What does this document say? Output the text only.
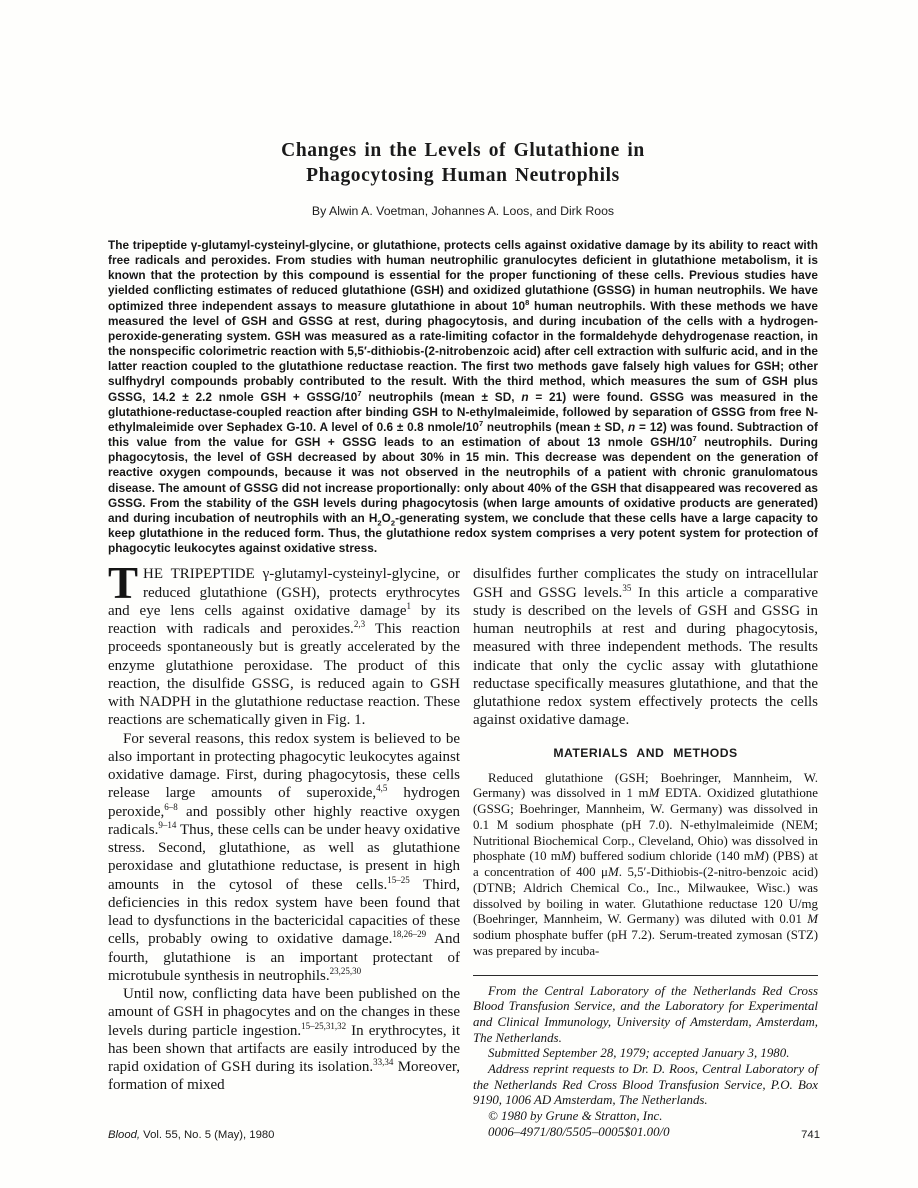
Changes in the Levels of Glutathione in
Phagocytosing Human Neutrophils
By Alwin A. Voetman, Johannes A. Loos, and Dirk Roos

The tripeptide γ-glutamyl-cysteinyl-glycine, or glutathione, protects cells against oxidative damage by its ability to react with free radicals and peroxides. From studies with human neutrophilic granulocytes deficient in glutathione metabolism, it is known that the protection by this compound is essential for the proper functioning of these cells. Previous studies have yielded conflicting estimates of reduced glutathione (GSH) and oxidized glutathione (GSSG) in human neutrophils. We have optimized three independent assays to measure glutathione in about $10^8$ human neutrophils. With these methods we have measured the level of GSH and GSSG at rest, during phagocytosis, and during incubation of the cells with a hydrogen-peroxide-generating system. GSH was measured as a rate-limiting cofactor in the formaldehyde dehydrogenase reaction, in the nonspecific colorimetric reaction with 5,5′-dithiobis-(2-nitrobenzoic acid) after cell extraction with sulfuric acid, and in the latter reaction coupled to the glutathione reductase reaction. The first two methods gave falsely high values for GSH; other sulfhydryl compounds probably contributed to the result. With the third method, which measures the sum of GSH plus GSSG, 14.2 ± 2.2 nmole GSH + GSSG/$10^7$ neutrophils (mean ± SD, n = 21) were found. GSSG was measured in the glutathione-reductase-coupled reaction after binding GSH to N-ethylmaleimide, followed by separation of GSSG from free N-ethylmaleimide over Sephadex G-10. A level of 0.6 ± 0.8 nmole/$10^7$ neutrophils (mean ± SD, n = 12) was found. Subtraction of this value from the value for GSH + GSSG leads to an estimation of about 13 nmole GSH/$10^7$ neutrophils. During phagocytosis, the level of GSH decreased by about 30% in 15 min. This decrease was dependent on the generation of reactive oxygen compounds, because it was not observed in the neutrophils of a patient with chronic granulomatous disease. The amount of GSSG did not increase proportionally: only about 40% of the GSH that disappeared was recovered as GSSG. From the stability of the GSH levels during phagocytosis (when large amounts of oxidative products are generated) and during incubation of neutrophils with an $H_2O_2$-generating system, we conclude that these cells have a large capacity to keep glutathione in the reduced form. Thus, the glutathione redox system comprises a very potent system for protection of phagocytic leukocytes against oxidative stress.

THE TRIPEPTIDE γ-glutamyl-cysteinyl-glycine, or reduced glutathione (GSH), protects erythrocytes and eye lens cells against oxidative damage$^1$ by its reaction with radicals and peroxides.$^{2,3}$ This reaction proceeds spontaneously but is greatly accelerated by the enzyme glutathione peroxidase. The product of this reaction, the disulfide GSSG, is reduced again to GSH with NADPH in the glutathione reductase reaction. These reactions are schematically given in Fig. 1.

For several reasons, this redox system is believed to be also important in protecting phagocytic leukocytes against oxidative damage. First, during phagocytosis, these cells release large amounts of superoxide,$^{4,5}$ hydrogen peroxide,$^{6-8}$ and possibly other highly reactive oxygen radicals.$^{9-14}$ Thus, these cells can be under heavy oxidative stress. Second, glutathione, as well as glutathione peroxidase and glutathione reductase, is present in high amounts in the cytosol of these cells.$^{15-25}$ Third, deficiencies in this redox system have been found that lead to dysfunctions in the bactericidal capacities of these cells, probably owing to oxidative damage.$^{18,26-29}$ And fourth, glutathione is an important protectant of microtubule synthesis in neutrophils.$^{23,25,30}$

Until now, conflicting data have been published on the amount of GSH in phagocytes and on the changes in these levels during particle ingestion.$^{15-25,31,32}$ In erythrocytes, it has been shown that artifacts are easily introduced by the rapid oxidation of GSH during its isolation.$^{33,34}$ Moreover, formation of mixed

disulfides further complicates the study on intracellular GSH and GSSG levels.$^{35}$ In this article a comparative study is described on the levels of GSH and GSSG in human neutrophils at rest and during phagocytosis, measured with three independent methods. The results indicate that only the cyclic assay with glutathione reductase specifically measures glutathione, and that the glutathione redox system effectively protects the cells against oxidative damage.

MATERIALS AND METHODS

Reduced glutathione (GSH; Boehringer, Mannheim, W. Germany) was dissolved in 1 mM EDTA. Oxidized glutathione (GSSG; Boehringer, Mannheim, W. Germany) was dissolved in 0.1 M sodium phosphate (pH 7.0). N-ethylmaleimide (NEM; Nutritional Biochemical Corp., Cleveland, Ohio) was dissolved in phosphate (10 mM) buffered sodium chloride (140 mM) (PBS) at a concentration of 400 μM. 5,5′-Dithiobis-(2-nitro-benzoic acid) (DTNB; Aldrich Chemical Co., Inc., Milwaukee, Wisc.) was dissolved by boiling in water. Glutathione reductase 120 U/mg (Boehringer, Mannheim, W. Germany) was diluted with 0.01 M sodium phosphate buffer (pH 7.2). Serum-treated zymosan (STZ) was prepared by incuba-

From the Central Laboratory of the Netherlands Red Cross Blood Transfusion Service, and the Laboratory for Experimental and Clinical Immunology, University of Amsterdam, Amsterdam, The Netherlands.

Submitted September 28, 1979; accepted January 3, 1980.

Address reprint requests to Dr. D. Roos, Central Laboratory of the Netherlands Red Cross Blood Transfusion Service, P.O. Box 9190, 1006 AD Amsterdam, The Netherlands.

© 1980 by Grune & Stratton, Inc.

0006–4971/80/5505–0005$01.00/0

Blood, Vol. 55, No. 5 (May), 1980	741
